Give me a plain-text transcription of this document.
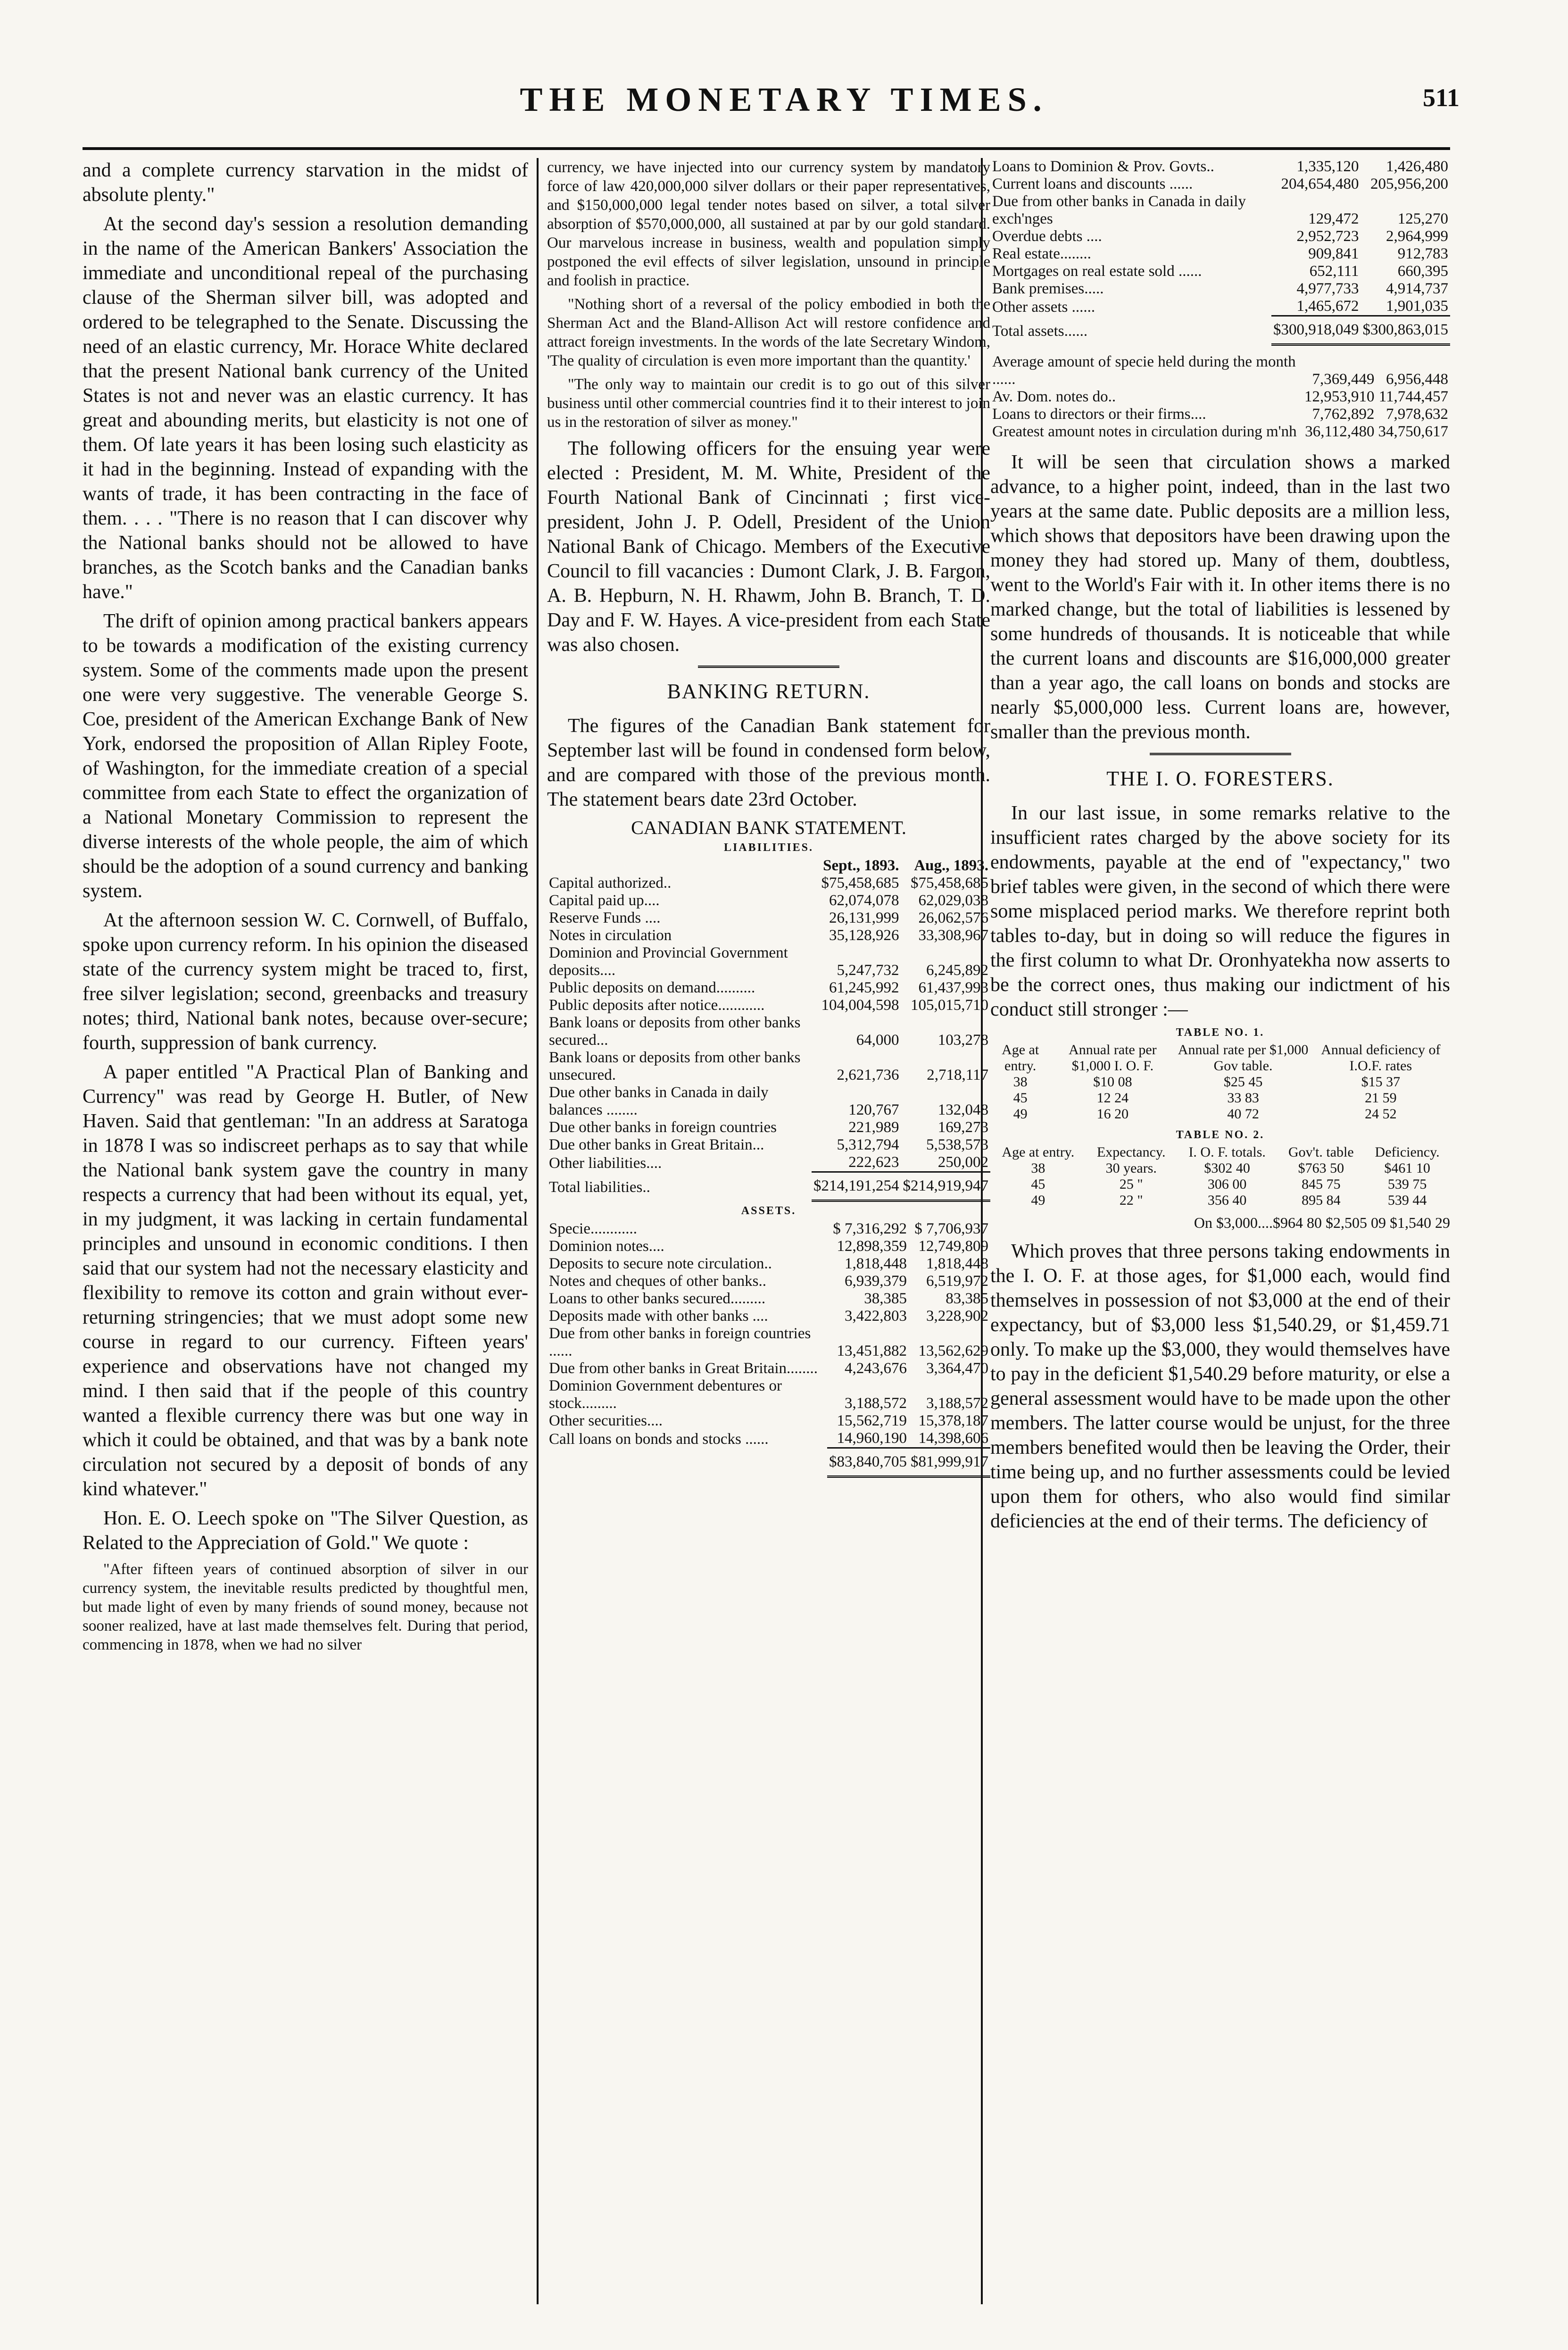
THE MONETARY TIMES.	511

and a complete currency starvation in the midst of absolute plenty."

At the second day's session a resolution demanding in the name of the American Bankers' Association the immediate and unconditional repeal of the purchasing clause of the Sherman silver bill, was adopted and ordered to be telegraphed to the Senate. Discussing the need of an elastic currency, Mr. Horace White declared that the present National bank currency of the United States is not and never was an elastic currency. It has great and abounding merits, but elasticity is not one of them. Of late years it has been losing such elasticity as it had in the beginning. Instead of expanding with the wants of trade, it has been contracting in the face of them. . . . "There is no reason that I can discover why the National banks should not be allowed to have branches, as the Scotch banks and the Canadian banks have."

The drift of opinion among practical bankers appears to be towards a modification of the existing currency system. Some of the comments made upon the present one were very suggestive. The venerable George S. Coe, president of the American Exchange Bank of New York, endorsed the proposition of Allan Ripley Foote, of Washington, for the immediate creation of a special committee from each State to effect the organization of a National Monetary Commission to represent the diverse interests of the whole people, the aim of which should be the adoption of a sound currency and banking system.

At the afternoon session W. C. Cornwell, of Buffalo, spoke upon currency reform. In his opinion the diseased state of the currency system might be traced to, first, free silver legislation; second, greenbacks and treasury notes; third, National bank notes, because over-secure; fourth, suppression of bank currency.

A paper entitled "A Practical Plan of Banking and Currency" was read by George H. Butler, of New Haven. Said that gentleman: "In an address at Saratoga in 1878 I was so indiscreet perhaps as to say that while the National bank system gave the country in many respects a currency that had been without its equal, yet, in my judgment, it was lacking in certain fundamental principles and unsound in economic conditions. I then said that our system had not the necessary elasticity and flexibility to remove its cotton and grain without ever-returning stringencies; that we must adopt some new course in regard to our currency. Fifteen years' experience and observations have not changed my mind. I then said that if the people of this country wanted a flexible currency there was but one way in which it could be obtained, and that was by a bank note circulation not secured by a deposit of bonds of any kind whatever."

Hon. E. O. Leech spoke on "The Silver Question, as Related to the Appreciation of Gold." We quote :

"After fifteen years of continued absorption of silver in our currency system, the inevitable results predicted by thoughtful men, but made light of even by many friends of sound money, because not sooner realized, have at last made themselves felt. During that period, commencing in 1878, when we had no silver

currency, we have injected into our currency system by mandatory force of law 420,000,000 silver dollars or their paper representatives, and $150,000,000 legal tender notes based on silver, a total silver absorption of $570,000,000, all sustained at par by our gold standard. Our marvelous increase in business, wealth and population simply postponed the evil effects of silver legislation, unsound in principle and foolish in practice.

"Nothing short of a reversal of the policy embodied in both the Sherman Act and the Bland-Allison Act will restore confidence and attract foreign investments. In the words of the late Secretary Windom, 'The quality of circulation is even more important than the quantity.'

"The only way to maintain our credit is to go out of this silver business until other commercial countries find it to their interest to join us in the restoration of silver as money."

The following officers for the ensuing year were elected : President, M. M. White, President of the Fourth National Bank of Cincinnati ; first vice-president, John J. P. Odell, President of the Union National Bank of Chicago. Members of the Executive Council to fill vacancies : Dumont Clark, J. B. Fargon, A. B. Hepburn, N. H. Rhawm, John B. Branch, T. D. Day and F. W. Hayes. A vice-president from each State was also chosen.

BANKING RETURN.

The figures of the Canadian Bank statement for September last will be found in condensed form below, and are compared with those of the previous month. The statement bears date 23rd October.

CANADIAN BANK STATEMENT.
LIABILITIES.
	Sept., 1893.	Aug., 1893.
Capital authorized..	$75,458,685	$75,458,685
Capital paid up....	62,074,078	62,029,038
Reserve Funds ....	26,131,999	26,062,576
Notes in circulation	35,128,926	33,308,967
Dominion and Provincial Government deposits....	5,247,732	6,245,892
Public deposits on demand..........	61,245,992	61,437,993
Public deposits after notice............	104,004,598	105,015,710
Bank loans or deposits from other banks secured...	64,000	103,278
Bank loans or deposits from other banks unsecured.	2,621,736	2,718,117
Due other banks in Canada in daily balances ........	120,767	132,048
Due other banks in foreign countries	221,989	169,273
Due other banks in Great Britain...	5,312,794	5,538,573
Other liabilities....	222,623	250,002
Total liabilities..	$214,191,254	$214,919,947
ASSETS.
Specie............	$ 7,316,292	$ 7,706,937
Dominion notes....	12,898,359	12,749,809
Deposits to secure note circulation..	1,818,448	1,818,448
Notes and cheques of other banks..	6,939,379	6,519,972
Loans to other banks secured.........	38,385	83,385
Deposits made with other banks ....	3,422,803	3,228,902
Due from other banks in foreign countries ......	13,451,882	13,562,629
Due from other banks in Great Britain........	4,243,676	3,364,470
Dominion Government debentures or stock.........	3,188,572	3,188,572
Other securities....	15,562,719	15,378,187
Call loans on bonds and stocks ......	14,960,190	14,398,606
	$83,840,705	$81,999,917
Loans to Dominion & Prov. Govts..	1,335,120	1,426,480
Current loans and discounts ......	204,654,480	205,956,200
Due from other banks in Canada in daily exch'nges	129,472	125,270
Overdue debts ....	2,952,723	2,964,999
Real estate........	909,841	912,783
Mortgages on real estate sold ......	652,111	660,395
Bank premises.....	4,977,733	4,914,737
Other assets ......	1,465,672	1,901,035
Total assets......	$300,918,049	$300,863,015
Average amount of specie held during the month ......	7,369,449	6,956,448
Av. Dom. notes do..	12,953,910	11,744,457
Loans to directors or their firms....	7,762,892	7,978,632
Greatest amount notes in circulation during m'nh	36,112,480	34,750,617

It will be seen that circulation shows a marked advance, to a higher point, indeed, than in the last two years at the same date. Public deposits are a million less, which shows that depositors have been drawing upon the money they had stored up. Many of them, doubtless, went to the World's Fair with it. In other items there is no marked change, but the total of liabilities is lessened by some hundreds of thousands. It is noticeable that while the current loans and discounts are $16,000,000 greater than a year ago, the call loans on bonds and stocks are nearly $5,000,000 less. Current loans are, however, smaller than the previous month.

THE I. O. FORESTERS.

In our last issue, in some remarks relative to the insufficient rates charged by the above society for its endowments, payable at the end of "expectancy," two brief tables were given, in the second of which there were some misplaced period marks. We therefore reprint both tables to-day, but in doing so will reduce the figures in the first column to what Dr. Oronhyatekha now asserts to be the correct ones, thus making our indictment of his conduct still stronger :—

TABLE NO. 1.
Age at entry.	Annual rate per $1,000 I. O. F.	Annual rate per $1,000 Gov table.	Annual deficiency of I.O.F. rates
38	$10 08	$25 45	$15 37
45	12 24	33 83	21 59
49	16 20	40 72	24 52
TABLE NO. 2.
Age at entry.	Expectancy.	I. O. F. totals.	Gov't. table	Deficiency.
38	30 years.	$302 40	$763 50	$461 10
45	25 "	306 00	845 75	539 75
49	22 "	356 40	895 84	539 44
On $3,000....$964 80 $2,505 09 $1,540 29

Which proves that three persons taking endowments in the I. O. F. at those ages, for $1,000 each, would find themselves in possession of not $3,000 at the end of their expectancy, but of $3,000 less $1,540.29, or $1,459.71 only. To make up the $3,000, they would themselves have to pay in the deficient $1,540.29 before maturity, or else a general assessment would have to be made upon the other members. The latter course would be unjust, for the three members benefited would then be leaving the Order, their time being up, and no further assessments could be levied upon them for others, who also would find similar deficiencies at the end of their terms. The deficiency of
